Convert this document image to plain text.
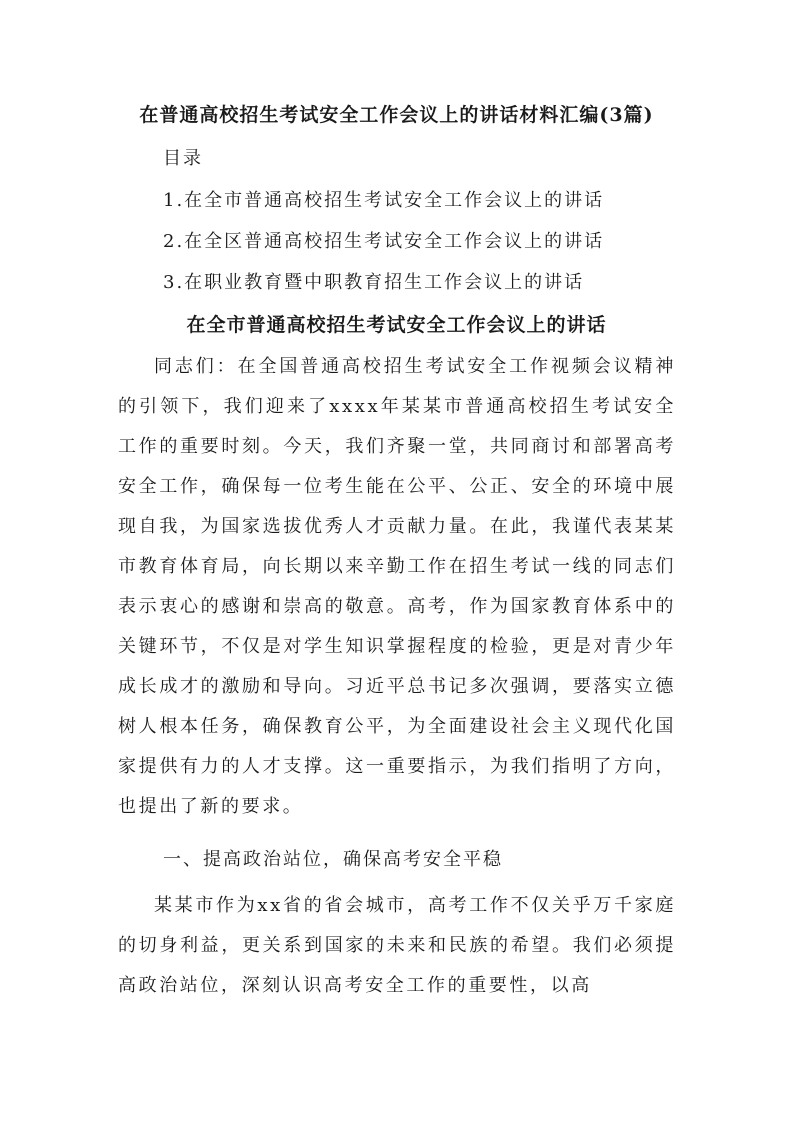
在普通高校招生考试安全工作会议上的讲话材料汇编(3篇)
目录
1.在全市普通高校招生考试安全工作会议上的讲话
2.在全区普通高校招生考试安全工作会议上的讲话
3.在职业教育暨中职教育招生工作会议上的讲话
在全市普通高校招生考试安全工作会议上的讲话
同志们：在全国普通高校招生考试安全工作视频会议精神的引领下，我们迎来了xxxx年某某市普通高校招生考试安全工作的重要时刻。今天，我们齐聚一堂，共同商讨和部署高考安全工作，确保每一位考生能在公平、公正、安全的环境中展现自我，为国家选拔优秀人才贡献力量。在此，我谨代表某某市教育体育局，向长期以来辛勤工作在招生考试一线的同志们表示衷心的感谢和崇高的敬意。高考，作为国家教育体系中的关键环节，不仅是对学生知识掌握程度的检验，更是对青少年成长成才的激励和导向。习近平总书记多次强调，要落实立德树人根本任务，确保教育公平，为全面建设社会主义现代化国家提供有力的人才支撑。这一重要指示，为我们指明了方向，也提出了新的要求。
一、提高政治站位，确保高考安全平稳
某某市作为xx省的省会城市，高考工作不仅关乎万千家庭的切身利益，更关系到国家的未来和民族的希望。我们必须提高政治站位，深刻认识高考安全工作的重要性，以高
